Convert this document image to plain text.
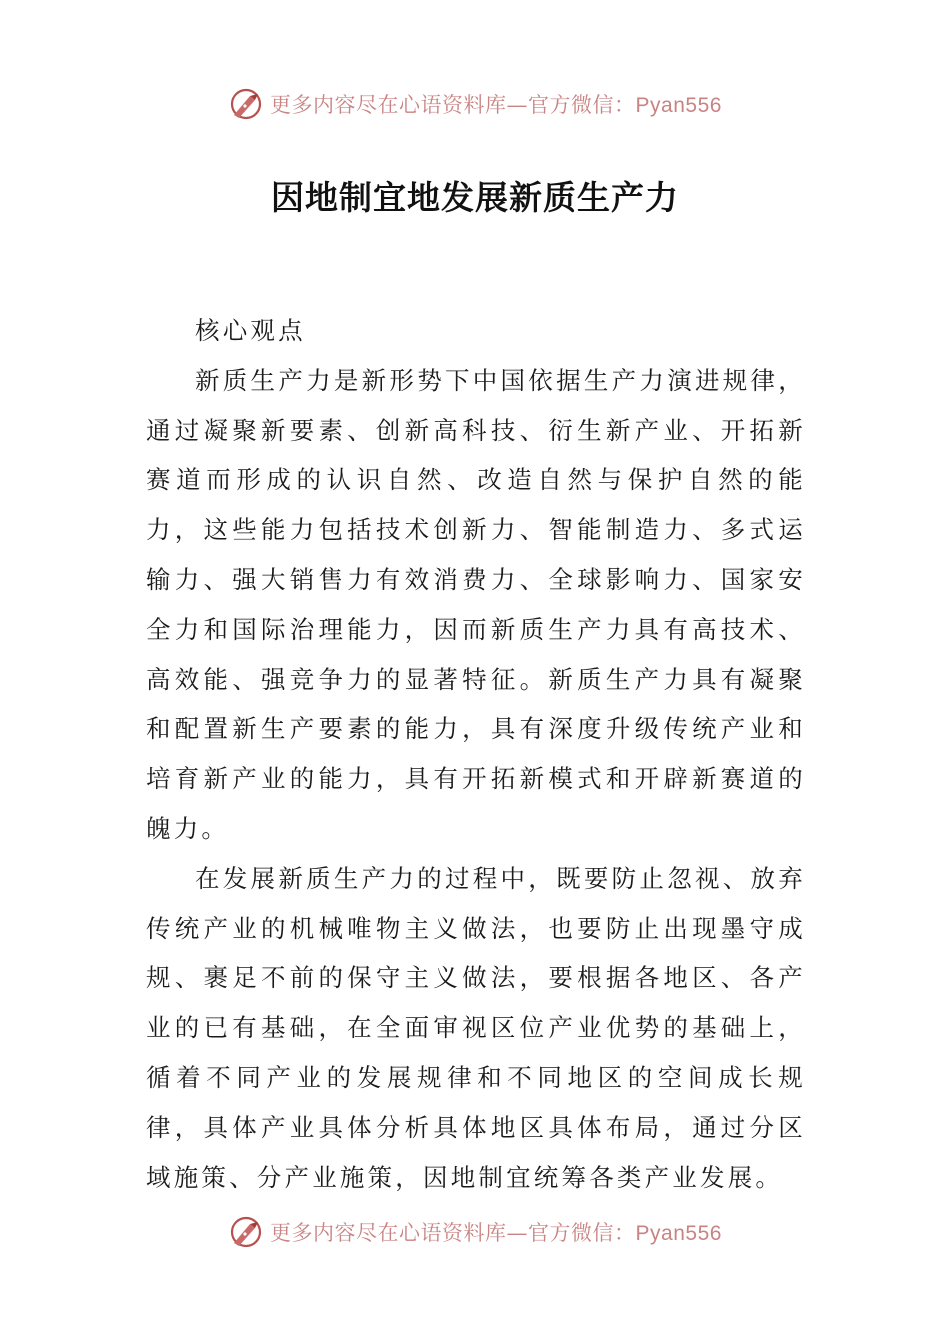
更多内容尽在心语资料库—官方微信：Pyan556
因地制宜地发展新质生产力

核心观点

新质生产力是新形势下中国依据生产力演进规律，通过凝聚新要素、创新高科技、衍生新产业、开拓新赛道而形成的认识自然、改造自然与保护自然的能力，这些能力包括技术创新力、智能制造力、多式运输力、强大销售力有效消费力、全球影响力、国家安全力和国际治理能力，因而新质生产力具有高技术、高效能、强竞争力的显著特征。新质生产力具有凝聚和配置新生产要素的能力，具有深度升级传统产业和培育新产业的能力，具有开拓新模式和开辟新赛道的魄力。

在发展新质生产力的过程中，既要防止忽视、放弃传统产业的机械唯物主义做法，也要防止出现墨守成规、裹足不前的保守主义做法，要根据各地区、各产业的已有基础，在全面审视区位产业优势的基础上，循着不同产业的发展规律和不同地区的空间成长规律，具体产业具体分析具体地区具体布局，通过分区域施策、分产业施策，因地制宜统筹各类产业发展。

更多内容尽在心语资料库—官方微信：Pyan556
